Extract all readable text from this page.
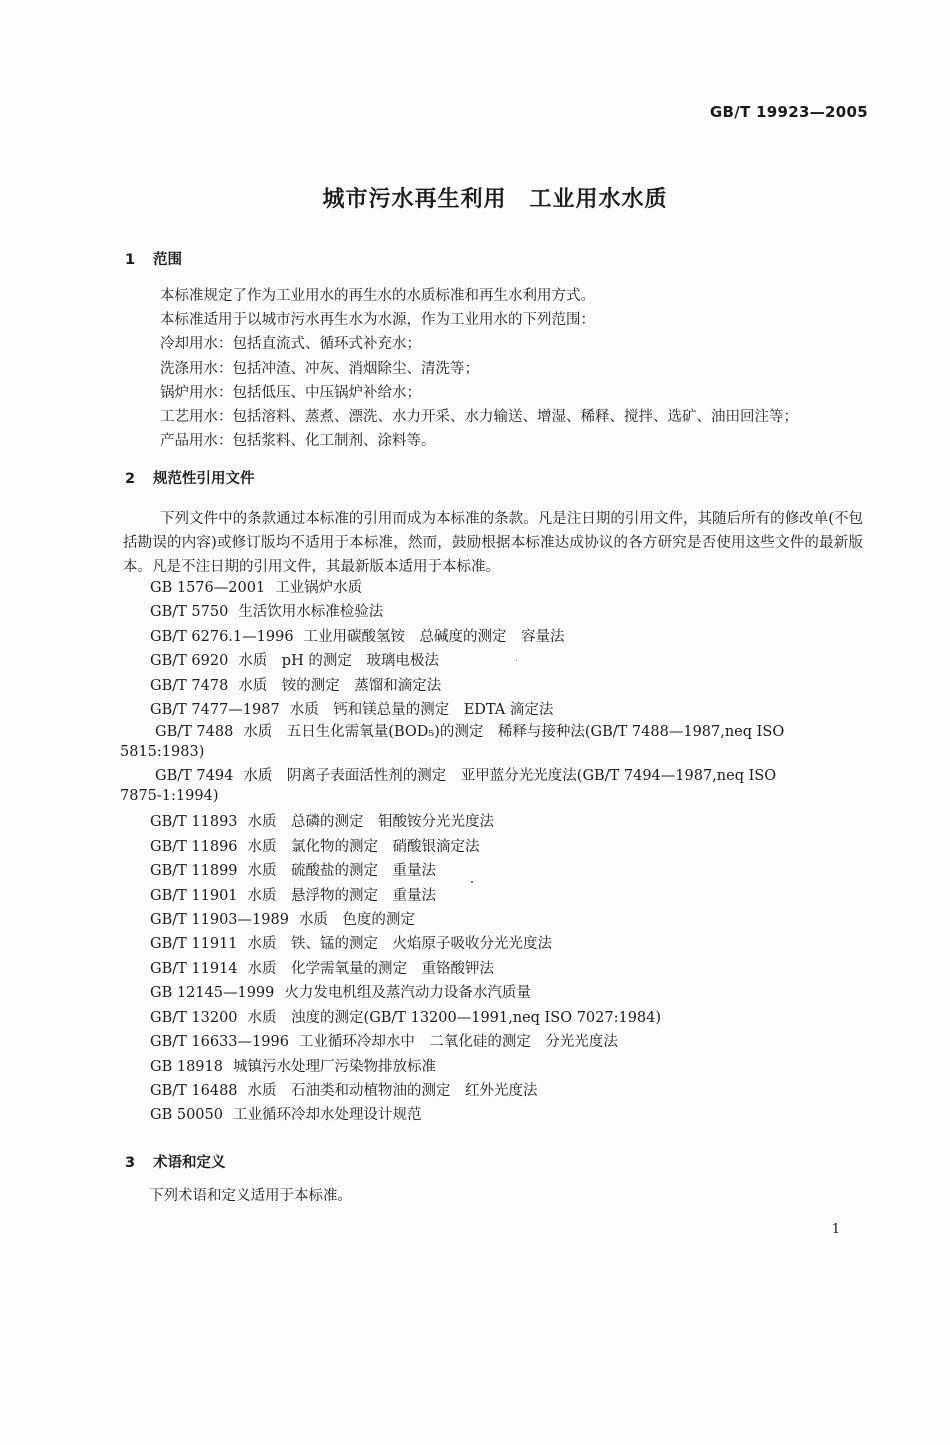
GB/T 19923—2005
城市污水再生利用　工业用水水质
1 范围
本标准规定了作为工业用水的再生水的水质标准和再生水利用方式。
本标准适用于以城市污水再生水为水源，作为工业用水的下列范围：
冷却用水：包括直流式、循环式补充水；
洗涤用水：包括冲渣、冲灰、消烟除尘、清洗等；
锅炉用水：包括低压、中压锅炉补给水；
工艺用水：包括溶料、蒸煮、漂洗、水力开采、水力输送、增湿、稀释、搅拌、选矿、油田回注等；
产品用水：包括浆料、化工制剂、涂料等。
2 规范性引用文件
下列文件中的条款通过本标准的引用而成为本标准的条款。凡是注日期的引用文件，其随后所有的修改单(不包括勘误的内容)或修订版均不适用于本标准，然而，鼓励根据本标准达成协议的各方研究是否使用这些文件的最新版本。凡是不注日期的引用文件，其最新版本适用于本标准。
GB 1576—2001 工业锅炉水质
GB/T 5750 生活饮用水标准检验法
GB/T 6276.1—1996 工业用碳酸氢铵　总碱度的测定　容量法
GB/T 6920 水质　pH 的测定　玻璃电极法
GB/T 7478 水质　铵的测定　蒸馏和滴定法
GB/T 7477—1987 水质　钙和镁总量的测定　EDTA 滴定法
GB/T 7488 水质　五日生化需氧量(BOD₅)的测定　稀释与接种法(GB/T 7488—1987,neq ISO
5815:1983)
GB/T 7494 水质　阴离子表面活性剂的测定　亚甲蓝分光光度法(GB/T 7494—1987,neq ISO
7875-1:1994)
GB/T 11893 水质　总磷的测定　钼酸铵分光光度法
GB/T 11896 水质　氯化物的测定　硝酸银滴定法
GB/T 11899 水质　硫酸盐的测定　重量法
GB/T 11901 水质　悬浮物的测定　重量法
GB/T 11903—1989 水质　色度的测定
GB/T 11911 水质　铁、锰的测定　火焰原子吸收分光光度法
GB/T 11914 水质　化学需氧量的测定　重铬酸钾法
GB 12145—1999 火力发电机组及蒸汽动力设备水汽质量
GB/T 13200 水质　浊度的测定(GB/T 13200—1991,neq ISO 7027:1984)
GB/T 16633—1996 工业循环冷却水中　二氧化硅的测定　分光光度法
GB 18918 城镇污水处理厂污染物排放标准
GB/T 16488 水质　石油类和动植物油的测定　红外光度法
GB 50050 工业循环冷却水处理设计规范
3 术语和定义
下列术语和定义适用于本标准。
1
